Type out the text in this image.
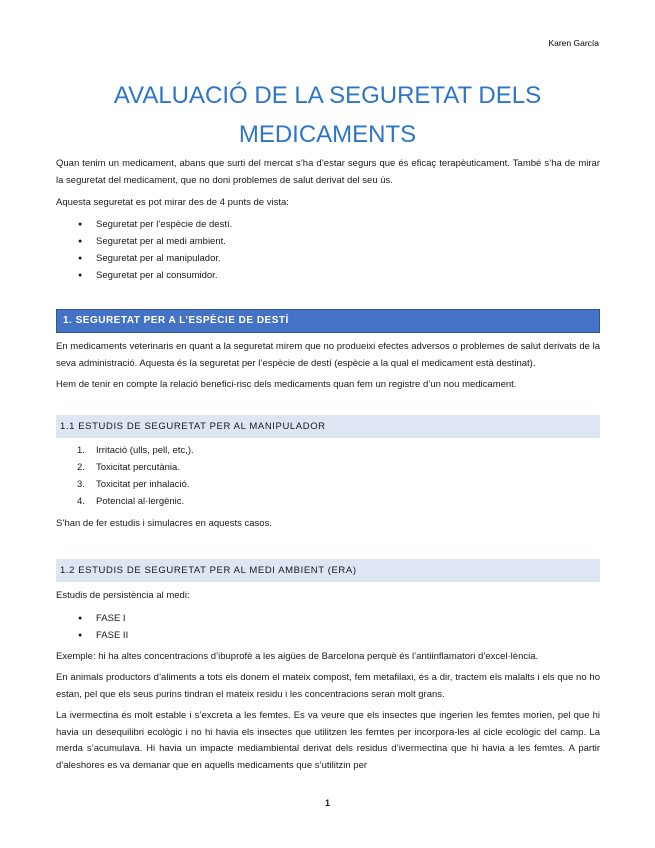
Karen García
AVALUACIÓ DE LA SEGURETAT DELS MEDICAMENTS

Quan tenim un medicament, abans que surti del mercat s’ha d’estar segurs que és eficaç terapèuticament. També s’ha de mirar la seguretat del medicament, que no doni problemes de salut derivat del seu ús.

Aquesta seguretat es pot mirar des de 4 punts de vista:

● Seguretat per l’espècie de destí.
● Seguretat per al medi ambient.
● Seguretat per al manipulador.
● Seguretat per al consumidor.
1. SEGURETAT PER A L’ESPÈCIE DE DESTÍ

En medicaments veterinaris en quant a la seguretat mirem que no produeixi efectes adversos o problemes de salut derivats de la seva administració. Aquesta és la seguretat per l’espècie de destí (espècie a la qual el medicament està destinat).

Hem de tenir en compte la relació benefici-risc dels medicaments quan fem un registre d’un nou medicament.

1.1 ESTUDIS DE SEGURETAT PER AL MANIPULADOR
1. Irritació (ulls, pell, etc,).
2. Toxicitat percutània.
3. Toxicitat per inhalació.
4. Potencial al·lergènic.

S’han de fer estudis i simulacres en aquests casos.

1.2 ESTUDIS DE SEGURETAT PER AL MEDI AMBIENT (ERA)

Estudis de persistència al medi:

● FASE I
● FASE II

Exemple: hi ha altes concentracions d’ibuprofè a les aigües de Barcelona perquè és l’antiinflamatori d’excel·lència.

En animals productors d’aliments a tots els donem el mateix compost, fem metafilaxi, és a dir, tractem els malalts i els que no ho estan, pel que els seus purins tindran el mateix residu i les concentracions seran molt grans.

La ivermectina és molt estable i s’excreta a les femtes. Es va veure que els insectes que ingerien les femtes morien, pel que hi havia un desequilibri ecològic i no hi havia els insectes que utilitzen les femtes per incorpora-les al cicle ecològic del camp. La merda s’acumulava. Hi havia un impacte mediambiental derivat dels residus d’ivermectina que hi havia a les femtes. A partir d’aleshores es va demanar que en aquells medicaments que s’utilitzin per

1
